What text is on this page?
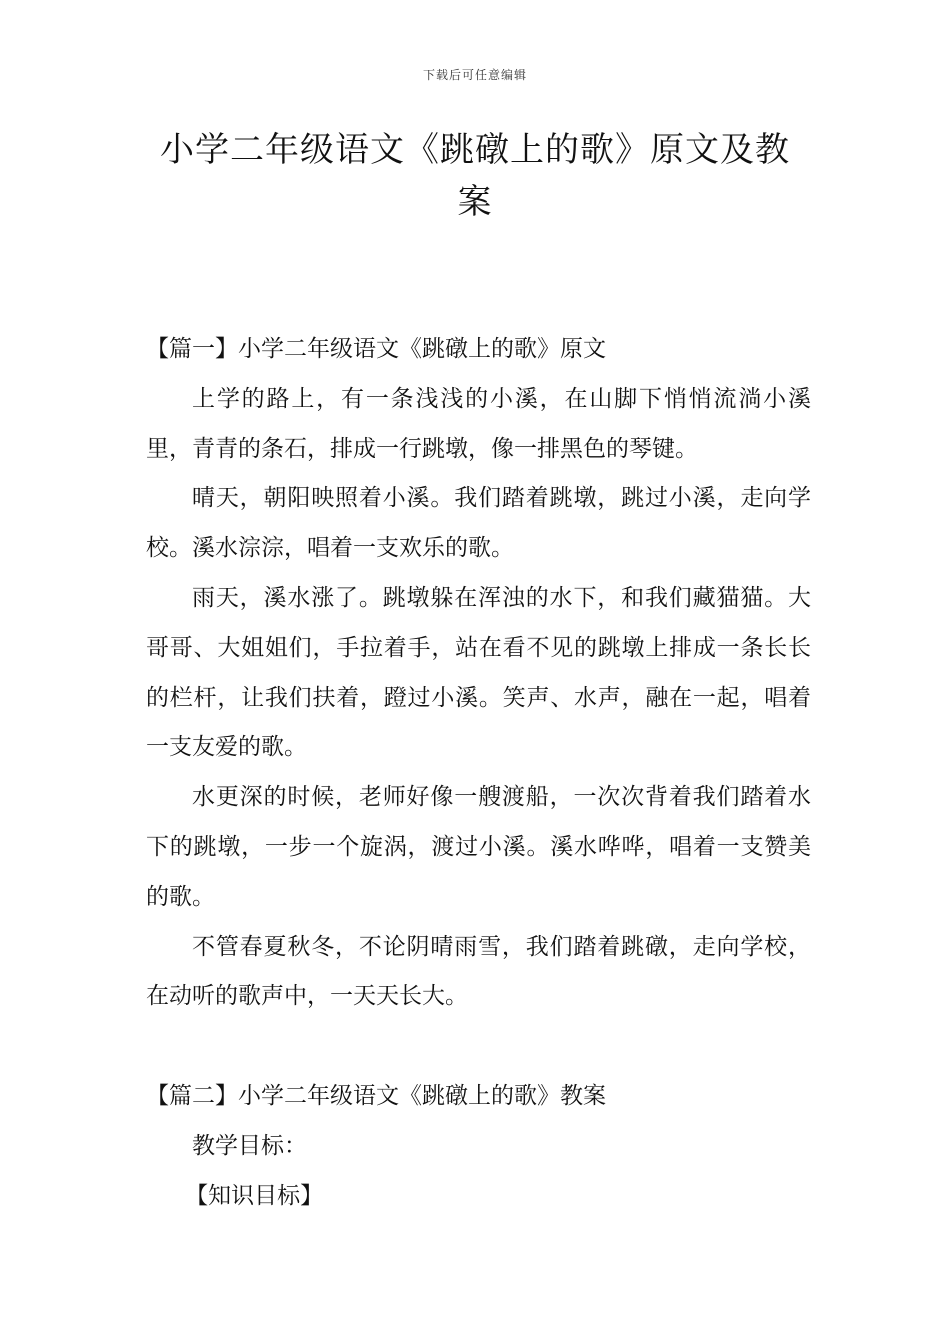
下载后可任意编辑
小学二年级语文《跳礅上的歌》原文及教案

【篇一】小学二年级语文《跳礅上的歌》原文

上学的路上，有一条浅浅的小溪，在山脚下悄悄流淌小溪里，青青的条石，排成一行跳墩，像一排黑色的琴键。

晴天，朝阳映照着小溪。我们踏着跳墩，跳过小溪，走向学校。溪水淙淙，唱着一支欢乐的歌。

雨天，溪水涨了。跳墩躲在浑浊的水下，和我们藏猫猫。大哥哥、大姐姐们，手拉着手，站在看不见的跳墩上排成一条长长的栏杆，让我们扶着，蹬过小溪。笑声、水声，融在一起，唱着一支友爱的歌。

水更深的时候，老师好像一艘渡船，一次次背着我们踏着水下的跳墩，一步一个旋涡，渡过小溪。溪水哗哗，唱着一支赞美的歌。

不管春夏秋冬，不论阴晴雨雪，我们踏着跳礅，走向学校，在动听的歌声中，一天天长大。

【篇二】小学二年级语文《跳礅上的歌》教案

教学目标：

【知识目标】
